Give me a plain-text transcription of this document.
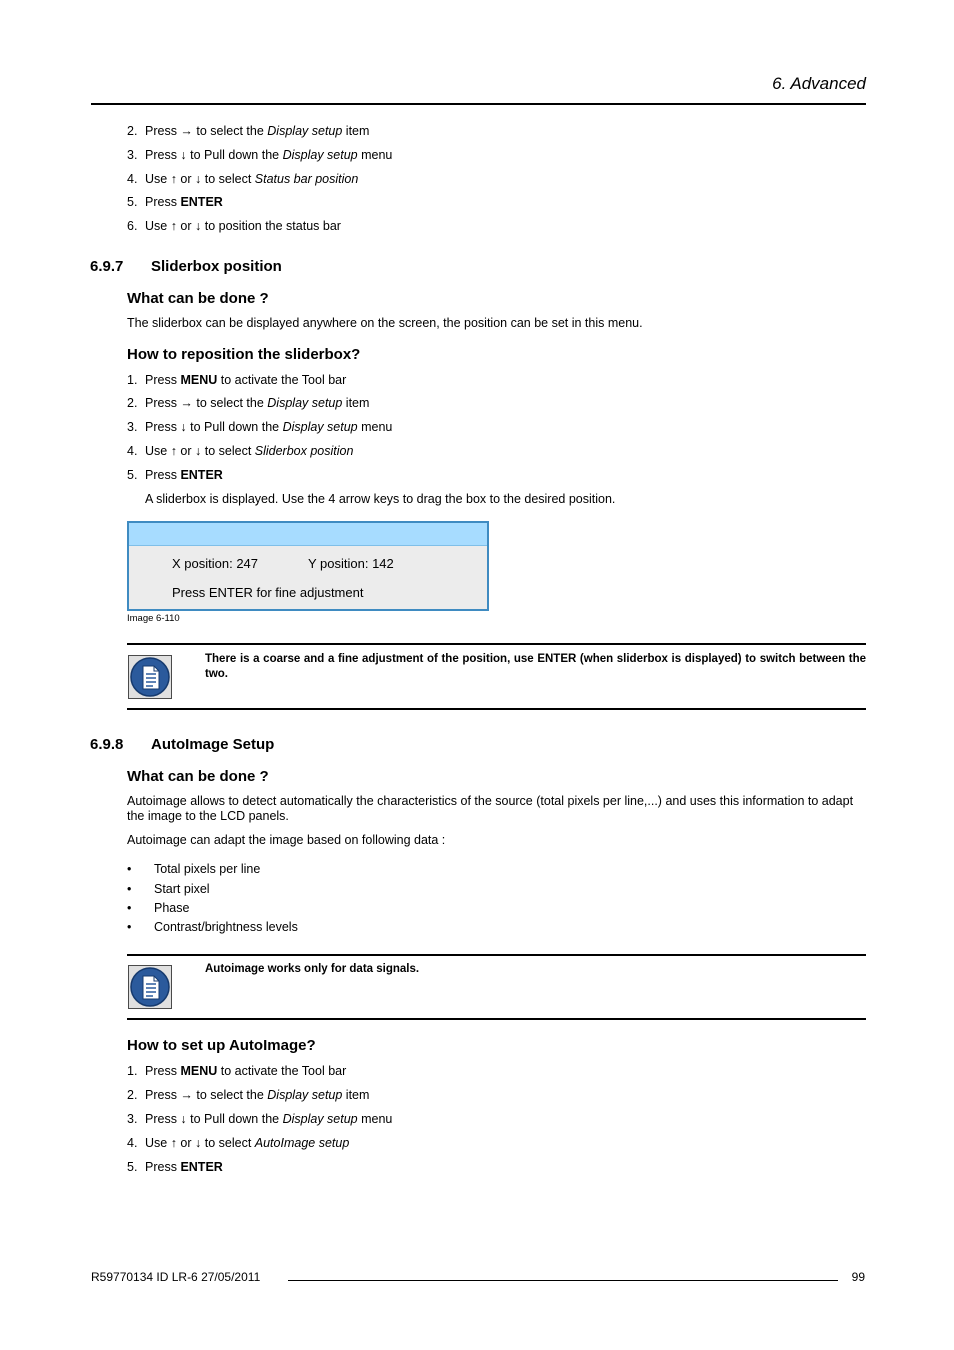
6. Advanced
2. Press → to select the Display setup item
3. Press ↓ to Pull down the Display setup menu
4. Use ↑ or ↓ to select Status bar position
5. Press ENTER
6. Use ↑ or ↓ to position the status bar
6.9.7 Sliderbox position
What can be done ?
The sliderbox can be displayed anywhere on the screen, the position can be set in this menu.
How to reposition the sliderbox?
1. Press MENU to activate the Tool bar
2. Press → to select the Display setup item
3. Press ↓ to Pull down the Display setup menu
4. Use ↑ or ↓ to select Sliderbox position
5. Press ENTER
A sliderbox is displayed. Use the 4 arrow keys to drag the box to the desired position.
X position: 247	Y position: 142
Press ENTER for fine adjustment
Image 6-110
There is a coarse and a fine adjustment of the position, use ENTER (when sliderbox is displayed) to switch between the two.
6.9.8 AutoImage Setup
What can be done ?
Autoimage allows to detect automatically the characteristics of the source (total pixels per line,...) and uses this information to adapt the image to the LCD panels.
Autoimage can adapt the image based on following data :
• Total pixels per line
• Start pixel
• Phase
• Contrast/brightness levels
Autoimage works only for data signals.
How to set up AutoImage?
1. Press MENU to activate the Tool bar
2. Press → to select the Display setup item
3. Press ↓ to Pull down the Display setup menu
4. Use ↑ or ↓ to select AutoImage setup
5. Press ENTER
R59770134 ID LR-6 27/05/2011	99
